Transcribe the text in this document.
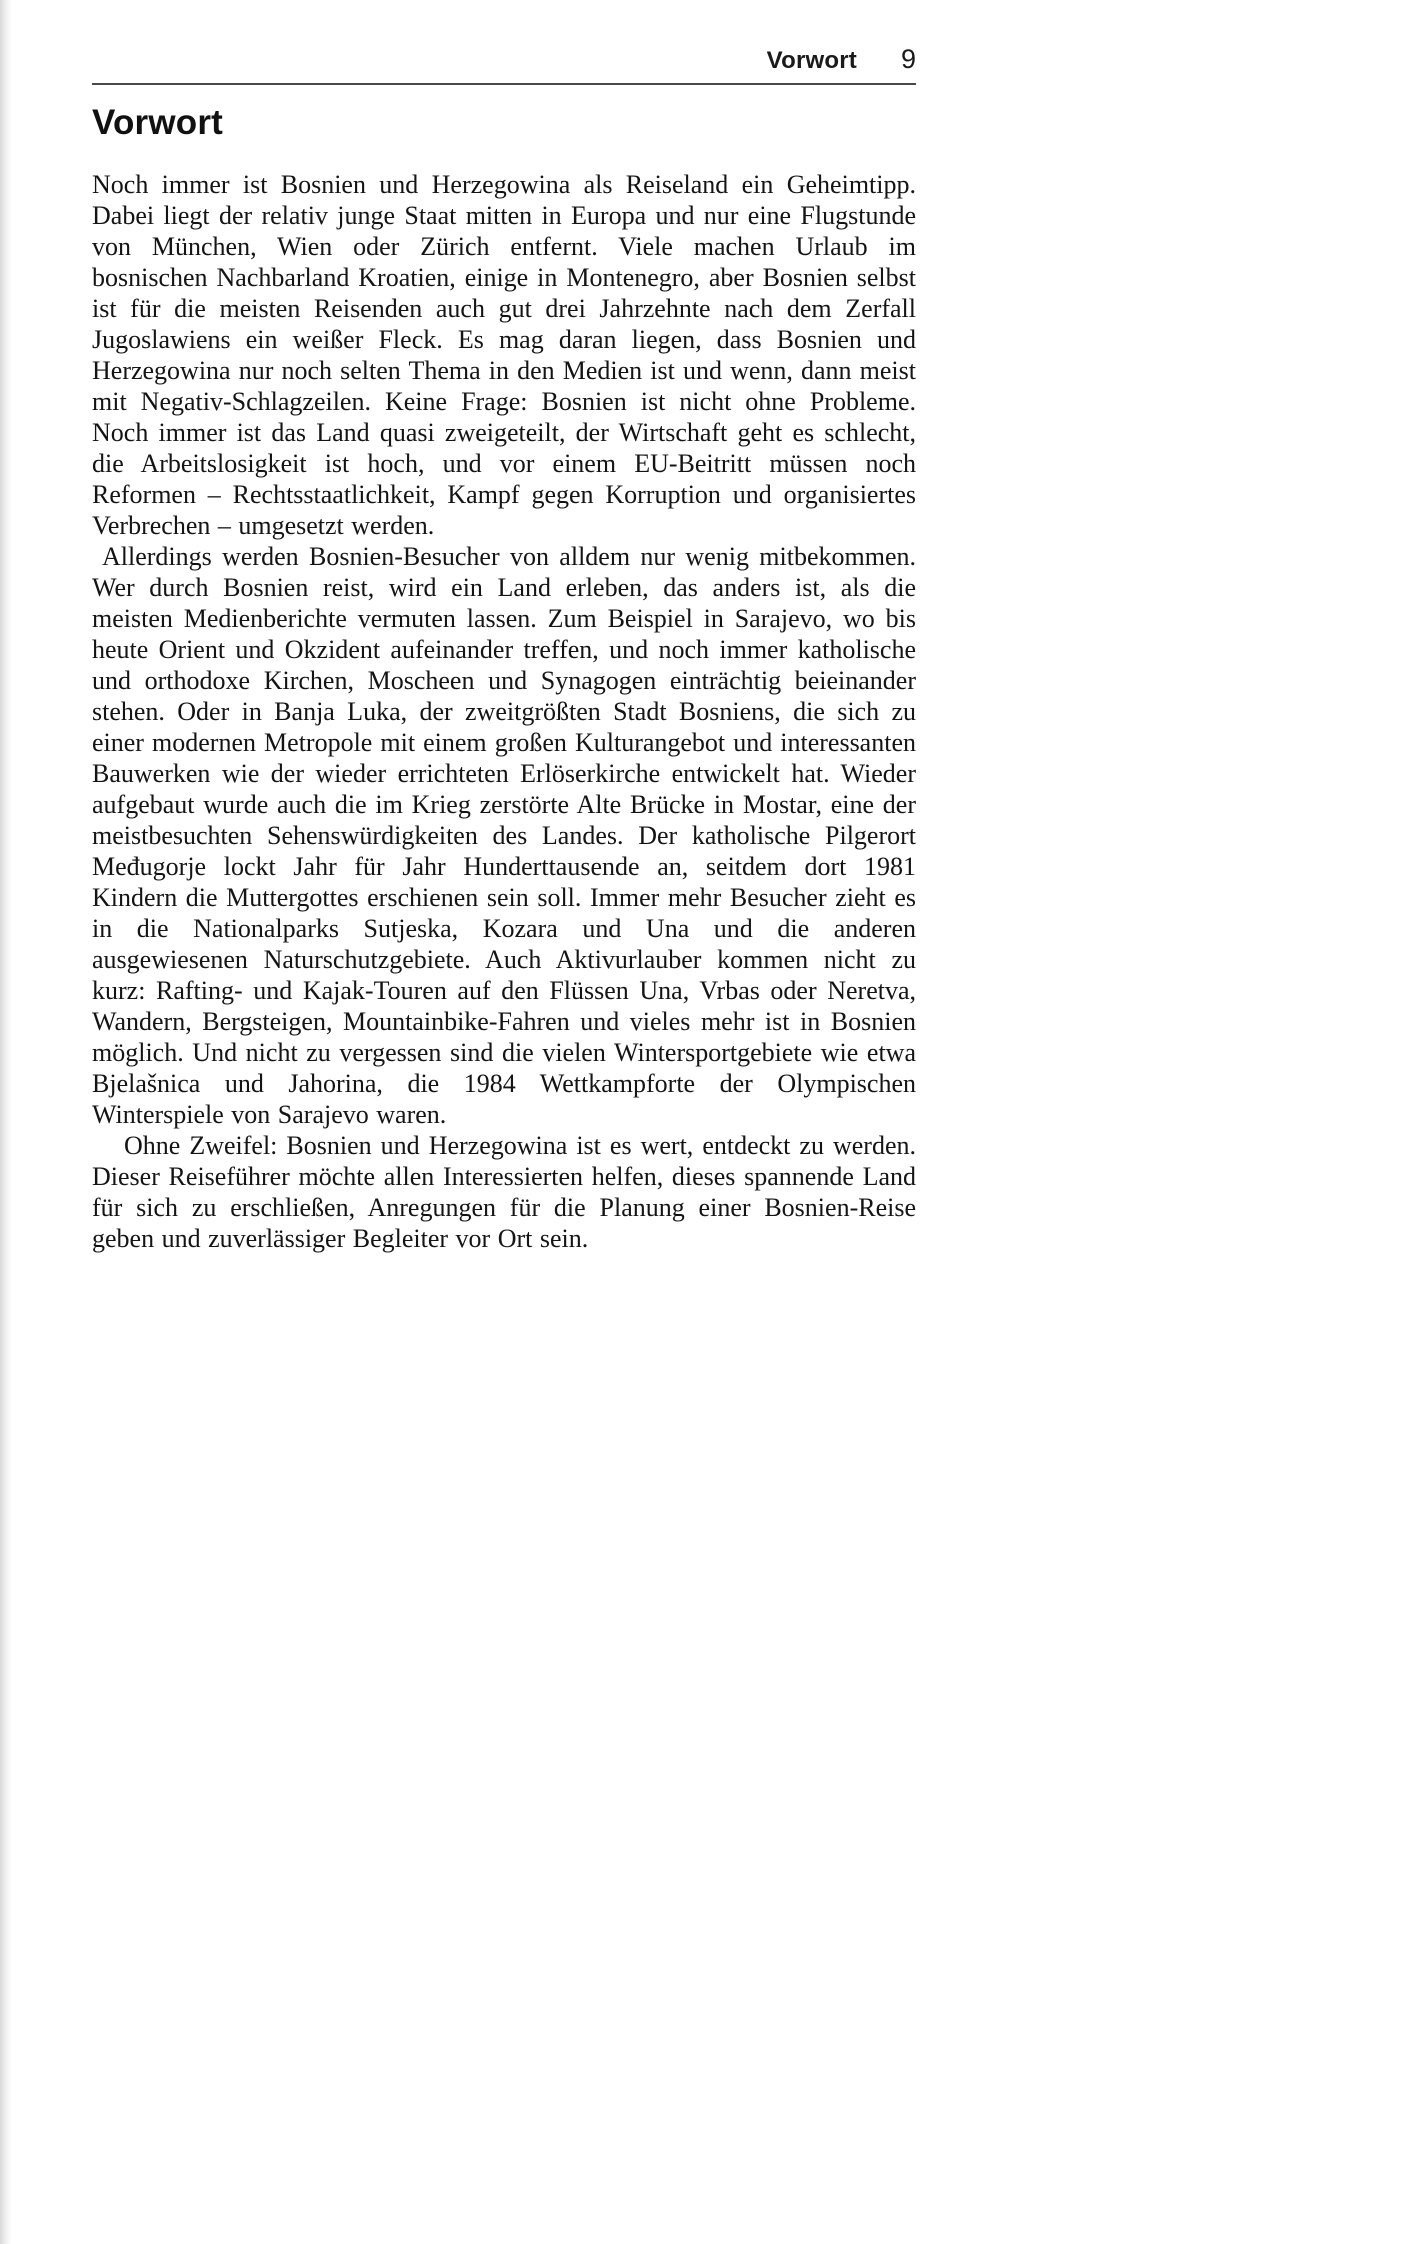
Vorwort 9
Vorwort

Noch immer ist Bosnien und Herzegowina als Reiseland ein Geheimtipp. Dabei liegt der relativ junge Staat mitten in Europa und nur eine Flugstunde von München, Wien oder Zürich entfernt. Viele machen Urlaub im bosnischen Nachbarland Kroatien, einige in Montenegro, aber Bosnien selbst ist für die meisten Reisenden auch gut drei Jahrzehnte nach dem Zerfall Jugoslawiens ein weißer Fleck. Es mag daran liegen, dass Bosnien und Herzegowina nur noch selten Thema in den Medien ist und wenn, dann meist mit Negativ-Schlagzeilen. Keine Frage: Bosnien ist nicht ohne Probleme. Noch immer ist das Land quasi zweigeteilt, der Wirtschaft geht es schlecht, die Arbeitslosigkeit ist hoch, und vor einem EU-Beitritt müssen noch Reformen – Rechtsstaatlichkeit, Kampf gegen Korruption und organisiertes Verbrechen – umgesetzt werden.

Allerdings werden Bosnien-Besucher von alldem nur wenig mitbekommen. Wer durch Bosnien reist, wird ein Land erleben, das anders ist, als die meisten Medienberichte vermuten lassen. Zum Beispiel in Sarajevo, wo bis heute Orient und Okzident aufeinander treffen, und noch immer katholische und orthodoxe Kirchen, Moscheen und Synagogen einträchtig beieinander stehen. Oder in Banja Luka, der zweitgrößten Stadt Bosniens, die sich zu einer modernen Metropole mit einem großen Kulturangebot und interessanten Bauwerken wie der wieder errichteten Erlöserkirche entwickelt hat. Wieder aufgebaut wurde auch die im Krieg zerstörte Alte Brücke in Mostar, eine der meistbesuchten Sehenswürdigkeiten des Landes. Der katholische Pilgerort Međugorje lockt Jahr für Jahr Hunderttausende an, seitdem dort 1981 Kindern die Muttergottes erschienen sein soll. Immer mehr Besucher zieht es in die Nationalparks Sutjeska, Kozara und Una und die anderen ausgewiesenen Naturschutzgebiete. Auch Aktivurlauber kommen nicht zu kurz: Rafting- und Kajak-Touren auf den Flüssen Una, Vrbas oder Neretva, Wandern, Bergsteigen, Mountainbike-Fahren und vieles mehr ist in Bosnien möglich. Und nicht zu vergessen sind die vielen Wintersportgebiete wie etwa Bjelašnica und Jahorina, die 1984 Wettkampforte der Olympischen Winterspiele von Sarajevo waren.

Ohne Zweifel: Bosnien und Herzegowina ist es wert, entdeckt zu werden. Dieser Reiseführer möchte allen Interessierten helfen, dieses spannende Land für sich zu erschließen, Anregungen für die Planung einer Bosnien-Reise geben und zuverlässiger Begleiter vor Ort sein.
